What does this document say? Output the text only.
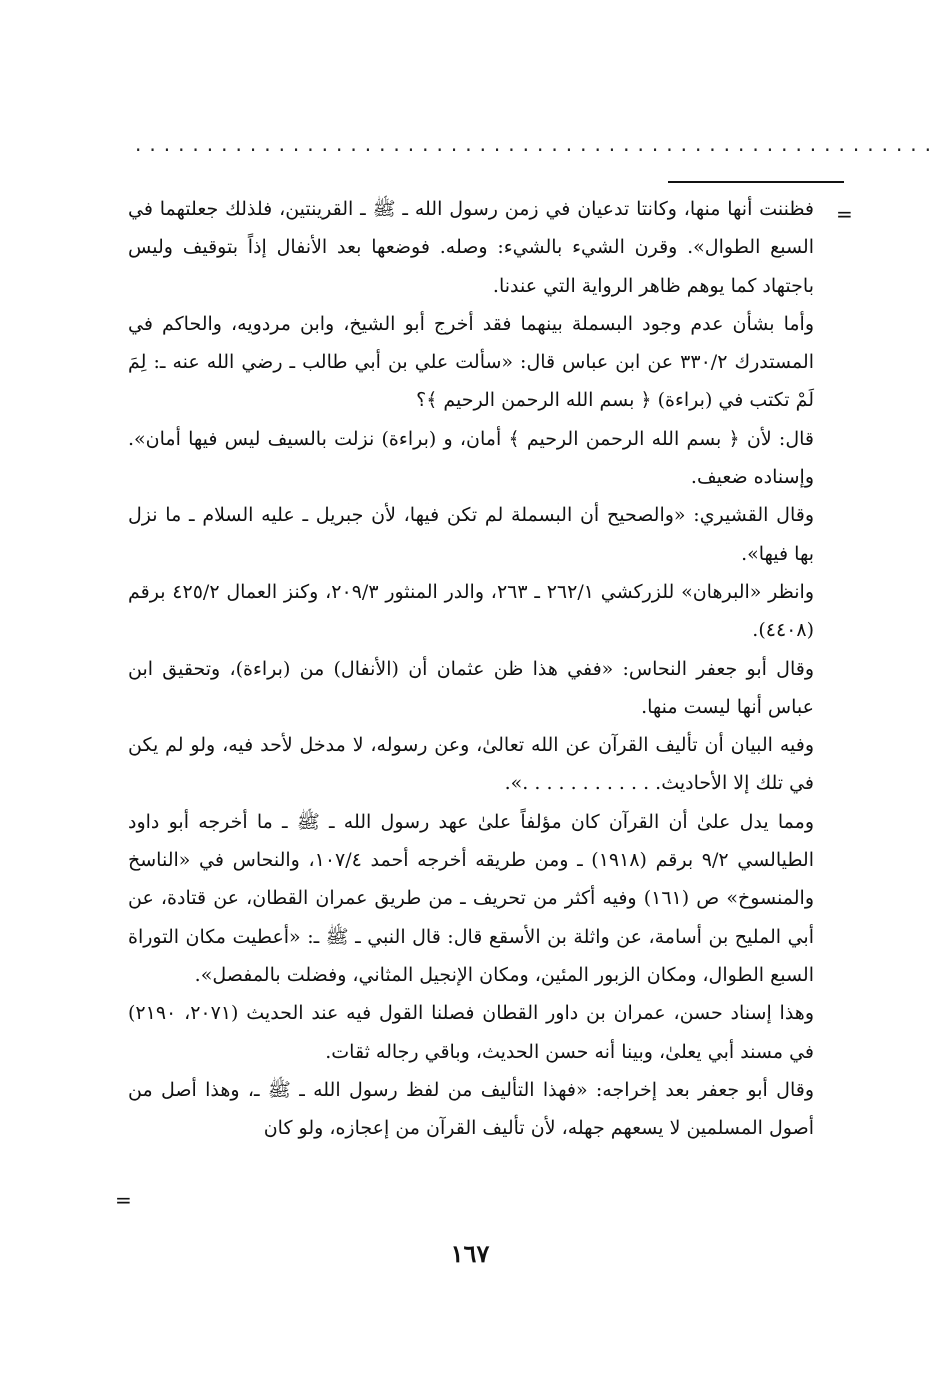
........................................................
=

فظننت أنها منها، وكانتا تدعيان في زمن رسول الله ـ ﷺ ـ القرينتين، فلذلك جعلتهما في السبع الطوال». وقرن الشيء بالشيء: وصله. فوضعها بعد الأنفال إذاً بتوقيف وليس باجتهاد كما يوهم ظاهر الرواية التي عندنا.

وأما بشأن عدم وجود البسملة بينهما فقد أخرج أبو الشيخ، وابن مردويه، والحاكم في المستدرك ٣٣٠/٢ عن ابن عباس قال: «سألت علي بن أبي طالب ـ رضي الله عنه ـ: لِمَ لَمْ تكتب في (براءة) ﴿ بسم الله الرحمن الرحيم ﴾؟

قال: لأن ﴿ بسم الله الرحمن الرحيم ﴾ أمان، و (براءة) نزلت بالسيف ليس فيها أمان». وإسناده ضعيف.

وقال القشيري: «والصحيح أن البسملة لم تكن فيها، لأن جبريل ـ عليه السلام ـ ما نزل بها فيها».

وانظر «البرهان» للزركشي ٢٦٢/١ ـ ٢٦٣، والدر المنثور ٢٠٩/٣، وكنز العمال ٤٢٥/٢ برقم (٤٤٠٨).

وقال أبو جعفر النحاس: «ففي هذا ظن عثمان أن (الأنفال) من (براءة)، وتحقيق ابن عباس أنها ليست منها.

وفيه البيان أن تأليف القرآن عن الله تعالىٰ، وعن رسوله، لا مدخل لأحد فيه، ولو لم يكن في تلك إلا الأحاديث. . . . . . . . . . . .».

ومما يدل علىٰ أن القرآن كان مؤلفاً علىٰ عهد رسول الله ـ ﷺ ـ ما أخرجه أبو داود الطيالسي ٩/٢ برقم (١٩١٨) ـ ومن طريقه أخرجه أحمد ١٠٧/٤، والنحاس في «الناسخ والمنسوخ» ص (١٦١) وفيه أكثر من تحريف ـ من طريق عمران القطان، عن قتادة، عن أبي المليح بن أسامة، عن واثلة بن الأسقع قال: قال النبي ـ ﷺ ـ: «أعطيت مكان التوراة السبع الطوال، ومكان الزبور المئين، ومكان الإنجيل المثاني، وفضلت بالمفصل».

وهذا إسناد حسن، عمران بن داور القطان فصلنا القول فيه عند الحديث (٢٠٧١، ٢١٩٠) في مسند أبي يعلىٰ، وبينا أنه حسن الحديث، وباقي رجاله ثقات.

وقال أبو جعفر بعد إخراجه: «فهذا التأليف من لفظ رسول الله ـ ﷺ ـ، وهذا أصل من أصول المسلمين لا يسعهم جهله، لأن تأليف القرآن من إعجازه، ولو كان

=
١٦٧
